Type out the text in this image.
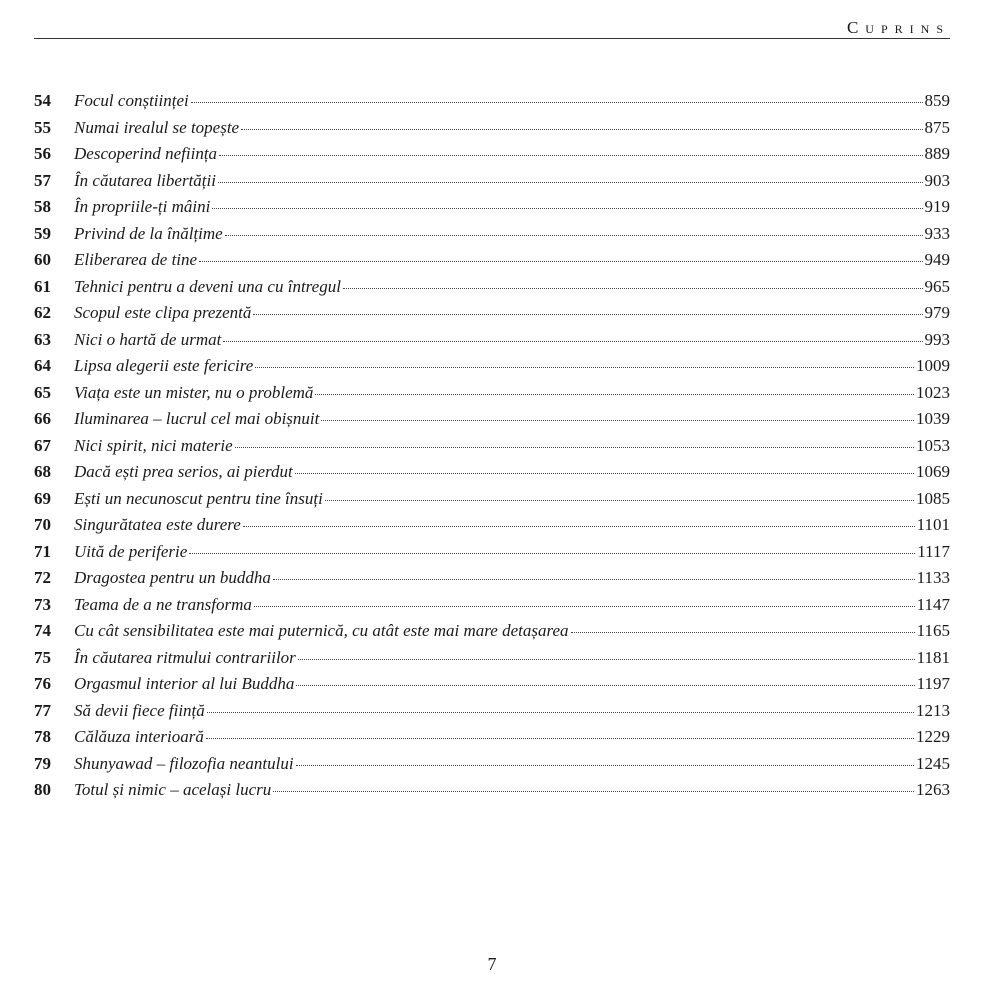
Cuprins
54	Focul conștiinței	859
55	Numai irealul se topește	875
56	Descoperind neființa	889
57	În căutarea libertății	903
58	În propriile-ți mâini	919
59	Privind de la înălțime	933
60	Eliberarea de tine	949
61	Tehnici pentru a deveni una cu întregul	965
62	Scopul este clipa prezentă	979
63	Nici o hartă de urmat	993
64	Lipsa alegerii este fericire	1009
65	Viața este un mister, nu o problemă	1023
66	Iluminarea – lucrul cel mai obișnuit	1039
67	Nici spirit, nici materie	1053
68	Dacă ești prea serios, ai pierdut	1069
69	Ești un necunoscut pentru tine însuți	1085
70	Singurătatea este durere	1101
71	Uită de periferie	1117
72	Dragostea pentru un buddha	1133
73	Teama de a ne transforma	1147
74	Cu cât sensibilitatea este mai puternică, cu atât este mai mare detașarea	1165
75	În căutarea ritmului contrariilor	1181
76	Orgasmul interior al lui Buddha	1197
77	Să devii fiece ființă	1213
78	Călăuza interioară	1229
79	Shunyawad – filozofia neantului	1245
80	Totul și nimic – același lucru	1263
7
